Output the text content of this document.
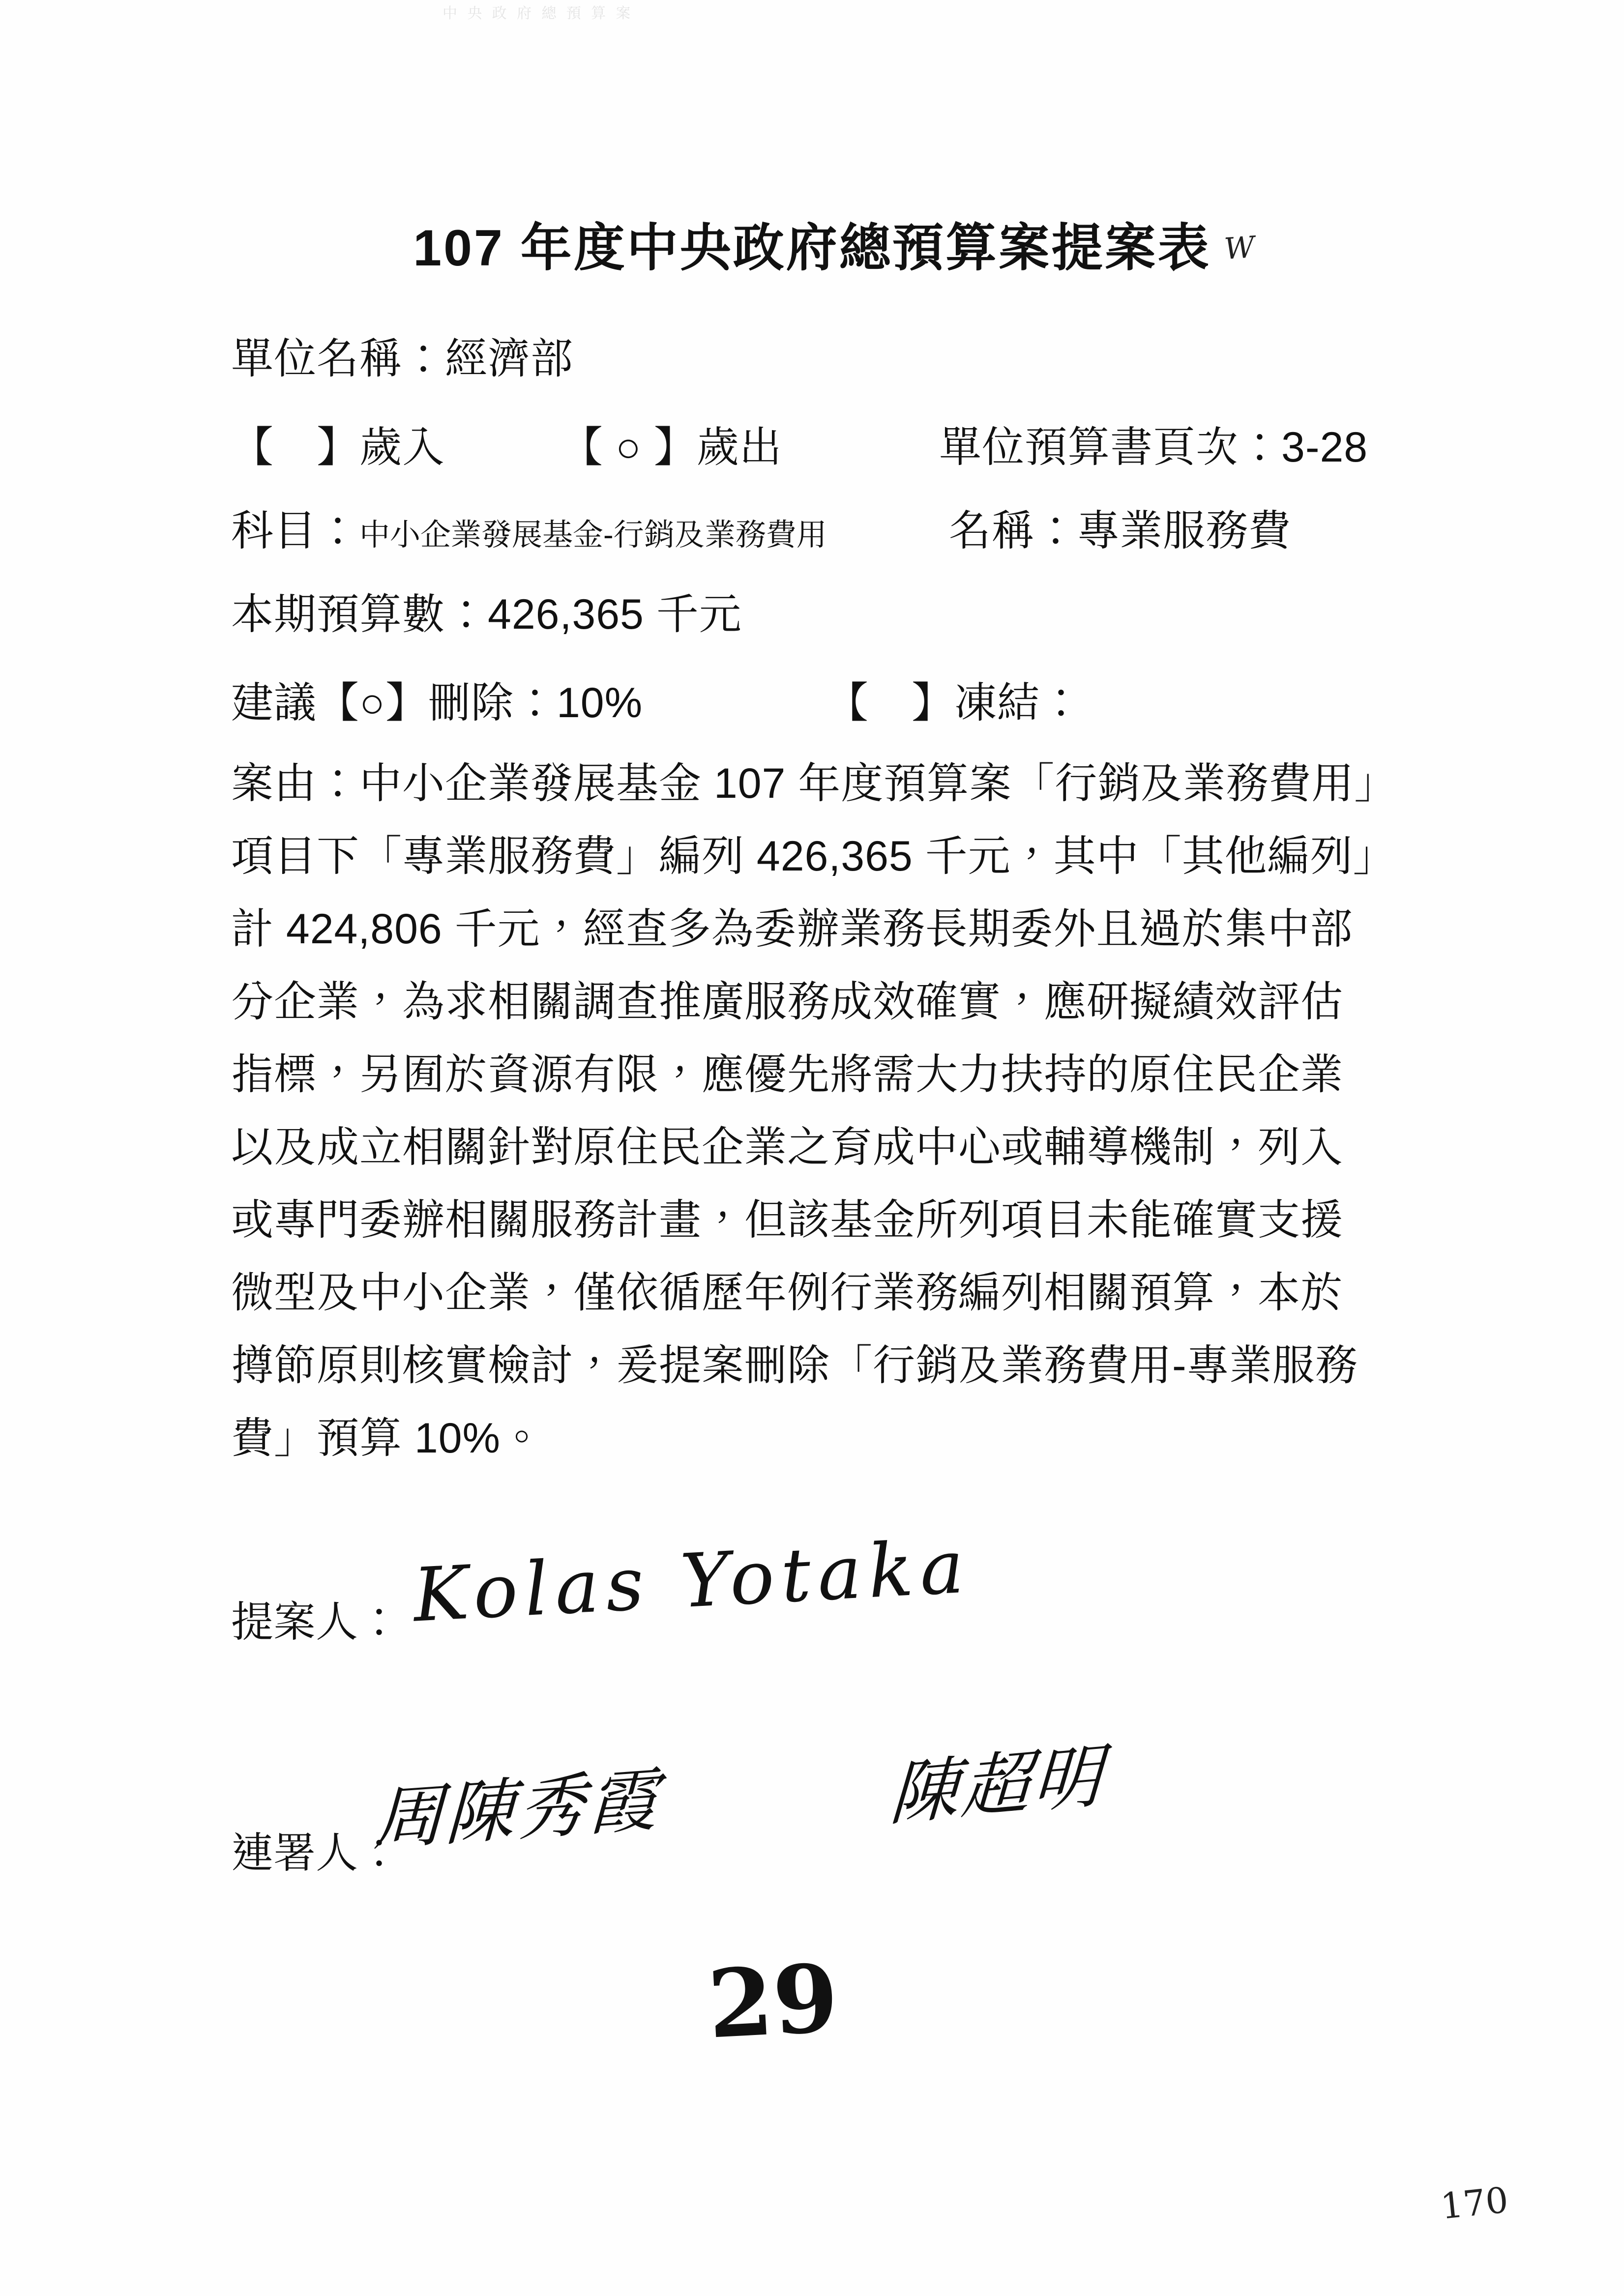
中 央 政 府 總 預 算 案
107 年度中央政府總預算案提案表 W
單位名稱：經濟部
【　】歲入	【 ○ 】歲出	單位預算書頁次：3-28
科目：中小企業發展基金-行銷及業務費用	名稱：專業服務費
本期預算數：426,365 千元
建議【○】刪除：10%	【　】凍結：
案由：中小企業發展基金 107 年度預算案「行銷及業務費用」
項目下「專業服務費」編列 426,365 千元，其中「其他編列」
計 424,806 千元，經查多為委辦業務長期委外且過於集中部
分企業，為求相關調查推廣服務成效確實，應研擬績效評估
指標，另囿於資源有限，應優先將需大力扶持的原住民企業
以及成立相關針對原住民企業之育成中心或輔導機制，列入
或專門委辦相關服務計畫，但該基金所列項目未能確實支援
微型及中小企業，僅依循歷年例行業務編列相關預算，本於
撙節原則核實檢討，爰提案刪除「行銷及業務費用-專業服務
費」預算 10%。
提案人： Kolas Yotaka
連署人：
周陳秀霞	陳超明
29
170
